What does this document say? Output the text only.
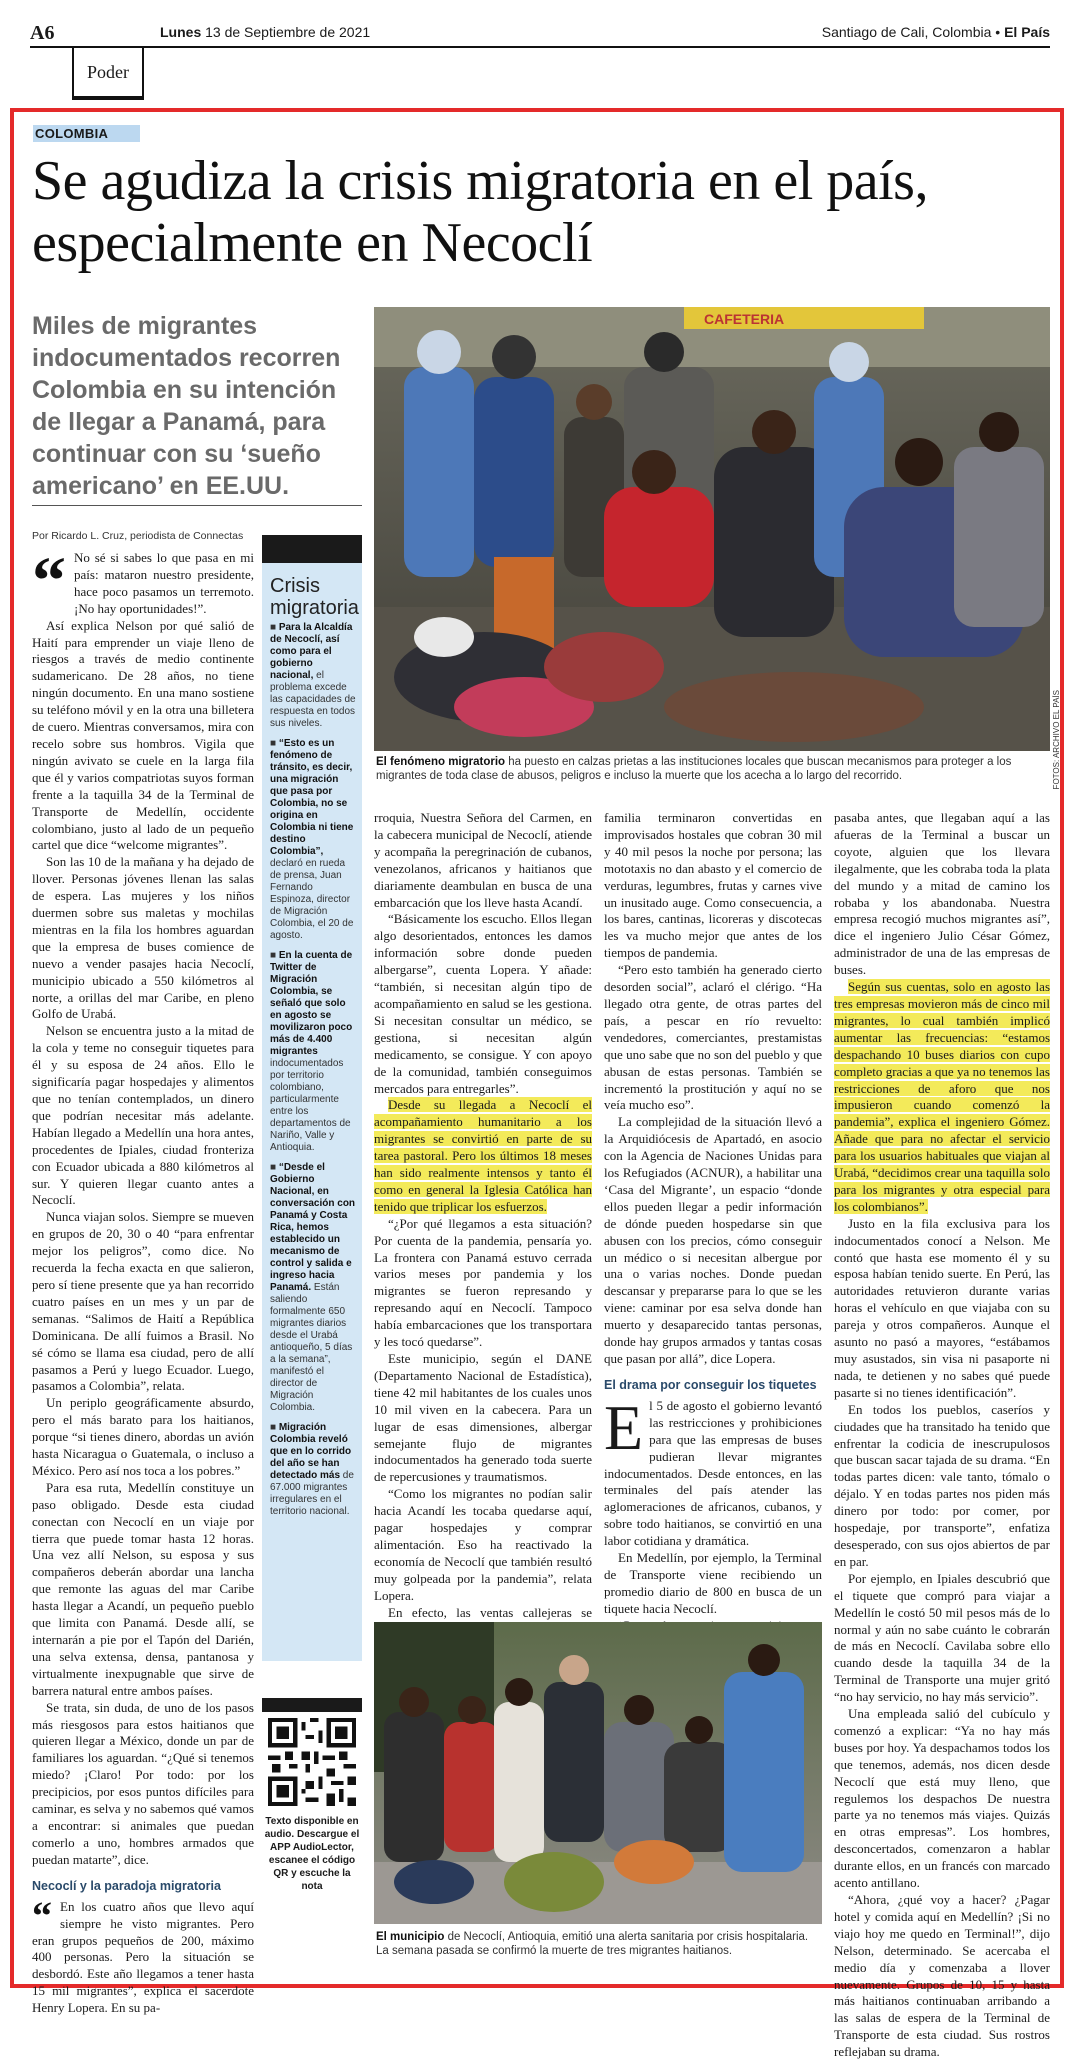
A6	Lunes 13 de Septiembre de 2021	Santiago de Cali, Colombia • El País
Poder
COLOMBIA
Se agudiza la crisis migratoria en el país, especialmente en Necoclí
Miles de migrantes indocumentados recorren Colombia en su intención de llegar a Panamá, para continuar con su ‘sueño americano’ en EE.UU.
Por Ricardo L. Cruz, periodista de Connectas

“ No sé si sabes lo que pasa en mi país: mataron nuestro presidente, hace poco pasamos un terremoto. ¡No hay oportunidades!”.

Así explica Nelson por qué salió de Haití para emprender un viaje lleno de riesgos a través de medio continente sudamericano. De 28 años, no tiene ningún documento. En una mano sostiene su teléfono móvil y en la otra una billetera de cuero. Mientras conversamos, mira con recelo sobre sus hombros. Vigila que ningún avivato se cuele en la larga fila que él y varios compatriotas suyos forman frente a la taquilla 34 de la Terminal de Transporte de Medellín, occidente colombiano, justo al lado de un pequeño cartel que dice “welcome migrantes”.

Son las 10 de la mañana y ha dejado de llover. Personas jóvenes llenan las salas de espera. Las mujeres y los niños duermen sobre sus maletas y mochilas mientras en la fila los hombres aguardan que la empresa de buses comience de nuevo a vender pasajes hacia Necoclí, municipio ubicado a 550 kilómetros al norte, a orillas del mar Caribe, en pleno Golfo de Urabá.

Nelson se encuentra justo a la mitad de la cola y teme no conseguir tiquetes para él y su esposa de 24 años. Ello le significaría pagar hospedajes y alimentos que no tenían contemplados, un dinero que podrían necesitar más adelante. Habían llegado a Medellín una hora antes, procedentes de Ipiales, ciudad fronteriza con Ecuador ubicada a 880 kilómetros al sur. Y quieren llegar cuanto antes a Necoclí.

Nunca viajan solos. Siempre se mueven en grupos de 20, 30 o 40 “para enfrentar mejor los peligros”, como dice. No recuerda la fecha exacta en que salieron, pero sí tiene presente que ya han recorrido cuatro países en un mes y un par de semanas. “Salimos de Haití a República Dominicana. De allí fuimos a Brasil. No sé cómo se llama esa ciudad, pero de allí pasamos a Perú y luego Ecuador. Luego, pasamos a Colombia”, relata.

Un periplo geográficamente absurdo, pero el más barato para los haitianos, porque “si tienes dinero, abordas un avión hasta Nicaragua o Guatemala, o incluso a México. Pero así nos toca a los pobres.”

Para esa ruta, Medellín constituye un paso obligado. Desde esta ciudad conectan con Necoclí en un viaje por tierra que puede tomar hasta 12 horas. Una vez allí Nelson, su esposa y sus compañeros deberán abordar una lancha que remonte las aguas del mar Caribe hasta llegar a Acandí, un pequeño pueblo que limita con Panamá. Desde allí, se internarán a pie por el Tapón del Darién, una selva extensa, densa, pantanosa y virtualmente inexpugnable que sirve de barrera natural entre ambos países.

Se trata, sin duda, de uno de los pasos más riesgosos para estos haitianos que quieren llegar a México, donde un par de familiares los aguardan. “¿Qué si tenemos miedo? ¡Claro! Por todo: por los precipicios, por esos puntos difíciles para caminar, es selva y no sabemos qué vamos a encontrar: si animales que puedan comerlo a uno, hombres armados que puedan matarte”, dice.

Necoclí y la paradoja migratoria

“ En los cuatro años que llevo aquí siempre he visto migrantes. Pero eran grupos pequeños de 200, máximo 400 personas. Pero la situación se desbordó. Este año llegamos a tener hasta 15 mil migrantes”, explica el sacerdote Henry Lopera. En su pa-

Crisis migratoria
■ Para la Alcaldía de Necoclí, así como para el gobierno nacional, el problema excede las capacidades de respuesta en todos sus niveles.
■ “Esto es un fenómeno de tránsito, es decir, una migración que pasa por Colombia, no se origina en Colombia ni tiene destino Colombia”, declaró en rueda de prensa, Juan Fernando Espinoza, director de Migración Colombia, el 20 de agosto.
■ En la cuenta de Twitter de Migración Colombia, se señaló que solo en agosto se movilizaron poco más de 4.400 migrantes indocumentados por territorio colombiano, particularmente entre los departamentos de Nariño, Valle y Antioquia.
■ “Desde el Gobierno Nacional, en conversación con Panamá y Costa Rica, hemos establecido un mecanismo de control y salida e ingreso hacia Panamá. Están saliendo formalmente 650 migrantes diarios desde el Urabá antioqueño, 5 días a la semana”, manifestó el director de Migración Colombia.
■ Migración Colombia reveló que en lo corrido del año se han detectado más de 67.000 migrantes irregulares en el territorio nacional.
Texto disponible en audio. Descargue el APP AudioLector, escanee el código QR y escuche la nota
CAFETERIA
FOTOS: ARCHIVO EL PAÍS
El fenómeno migratorio ha puesto en calzas prietas a las instituciones locales que buscan mecanismos para proteger a los migrantes de toda clase de abusos, peligros e incluso la muerte que los acecha a lo largo del recorrido.

rroquia, Nuestra Señora del Carmen, en la cabecera municipal de Necoclí, atiende y acompaña la peregrinación de cubanos, venezolanos, africanos y haitianos que diariamente deambulan en busca de una embarcación que los lleve hasta Acandí.

“Básicamente los escucho. Ellos llegan algo desorientados, entonces les damos información sobre donde pueden albergarse”, cuenta Lopera. Y añade: “también, si necesitan algún tipo de acompañamiento en salud se les gestiona. Si necesitan consultar un médico, se gestiona, si necesitan algún medicamento, se consigue. Y con apoyo de la comunidad, también conseguimos mercados para entregarles”.

Desde su llegada a Necoclí el acompañamiento humanitario a los migrantes se convirtió en parte de su tarea pastoral. Pero los últimos 18 meses han sido realmente intensos y tanto él como en general la Iglesia Católica han tenido que triplicar los esfuerzos.

“¿Por qué llegamos a esta situación? Por cuenta de la pandemia, pensaría yo. La frontera con Panamá estuvo cerrada varios meses por pandemia y los migrantes se fueron represando y represando aquí en Necoclí. Tampoco había embarcaciones que los transportara y les tocó quedarse”.

Este municipio, según el DANE (Departamento Nacional de Estadística), tiene 42 mil habitantes de los cuales unos 10 mil viven en la cabecera. Para un lugar de esas dimensiones, albergar semejante flujo de migrantes indocumentados ha generado toda suerte de repercusiones y traumatismos.

“Como los migrantes no podían salir hacia Acandí les tocaba quedarse aquí, pagar hospedajes y comprar alimentación. Eso ha reactivado la economía de Necoclí que también resultó muy golpeada por la pandemia”, relata Lopera.

En efecto, las ventas callejeras se

familia terminaron convertidas en improvisados hostales que cobran 30 mil y 40 mil pesos la noche por persona; las mototaxis no dan abasto y el comercio de verduras, legumbres, frutas y carnes vive un inusitado auge. Como consecuencia, a los bares, cantinas, licoreras y discotecas les va mucho mejor que antes de los tiempos de pandemia.

“Pero esto también ha generado cierto desorden social”, aclaró el clérigo. “Ha llegado otra gente, de otras partes del país, a pescar en río revuelto: vendedores, comerciantes, prestamistas que uno sabe que no son del pueblo y que abusan de estas personas. También se incrementó la prostitución y aquí no se veía mucho eso”.

La complejidad de la situación llevó a la Arquidiócesis de Apartadó, en asocio con la Agencia de Naciones Unidas para los Refugiados (ACNUR), a habilitar una ‘Casa del Migrante’, un espacio “donde ellos pueden llegar a pedir información de dónde pueden hospedarse sin que abusen con los precios, cómo conseguir un médico o si necesitan albergue por una o varias noches. Donde puedan descansar y prepararse para lo que se les viene: caminar por esa selva donde han muerto y desaparecido tantas personas, donde hay grupos armados y tantas cosas que pasan por allá”, dice Lopera.

El drama por conseguir los tiquetes

El 5 de agosto el gobierno levantó las restricciones y prohibiciones para que las empresas de buses pudieran llevar migrantes indocumentados. Desde entonces, en las terminales del país atender las aglomeraciones de africanos, cubanos, y sobre todo haitianos, se convirtió en una labor cotidiana y dramática.

En Medellín, por ejemplo, la Terminal de Transporte viene recibiendo un promedio diario de 800 en busca de un tiquete hacia Necoclí.

pasaba antes, que llegaban aquí a las afueras de la Terminal a buscar un coyote, alguien que los llevara ilegalmente, que les cobraba toda la plata del mundo y a mitad de camino los robaba y los abandonaba. Nuestra empresa recogió muchos migrantes así”, dice el ingeniero Julio César Gómez, administrador de una de las empresas de buses.

Según sus cuentas, solo en agosto las tres empresas movieron más de cinco mil migrantes, lo cual también implicó aumentar las frecuencias: “estamos despachando 10 buses diarios con cupo completo gracias a que ya no tenemos las restricciones de aforo que nos impusieron cuando comenzó la pandemia”, explica el ingeniero Gómez. Añade que para no afectar el servicio para los usuarios habituales que viajan al Urabá, “decidimos crear una taquilla solo para los migrantes y otra especial para los colombianos”.

Justo en la fila exclusiva para los indocumentados conocí a Nelson. Me contó que hasta ese momento él y su esposa habían tenido suerte. En Perú, las autoridades retuvieron durante varias horas el vehículo en que viajaba con su pareja y otros compañeros. Aunque el asunto no pasó a mayores, “estábamos muy asustados, sin visa ni pasaporte ni nada, te detienen y no sabes qué puede pasarte si no tienes identificación”.

En todos los pueblos, caseríos y ciudades que ha transitado ha tenido que enfrentar la codicia de inescrupulosos que buscan sacar tajada de su drama. “En todas partes dicen: vale tanto, tómalo o déjalo. Y en todas partes nos piden más dinero por todo: por comer, por hospedaje, por transporte”, enfatiza desesperado, con sus ojos abiertos de par en par.

Por ejemplo, en Ipiales descubrió que el tiquete que compró para viajar a Medellín le costó 50 mil pesos más de lo normal y aún no sabe cuánto le cobrarán de más en Necoclí. Cavilaba sobre ello cuando desde la taquilla 34 de la Terminal de Transporte una mujer gritó “no hay servicio, no hay más servicio”.

Una empleada salió del cubículo y comenzó a explicar: “Ya no hay más buses por hoy. Ya despachamos todos los que tenemos, además, nos dicen desde Necoclí que está muy lleno, que regulemos los despachos De nuestra parte ya no tenemos más viajes. Quizás en otras empresas”. Los hombres, desconcertados, comenzaron a hablar durante ellos, en un francés con marcado acento antillano.

“Ahora, ¿qué voy a hacer? ¿Pagar hotel y comida aquí en Medellín? ¡Si no viajo hoy me quedo en Terminal!”, dijo Nelson, determinado. Se acercaba el medio día y comenzaba a llover nuevamente. Grupos de 10, 15 y hasta más haitianos continuaban arribando a las salas de espera de la Terminal de Transporte de esta ciudad. Sus rostros reflejaban su drama.

El municipio de Necoclí, Antioquia, emitió una alerta sanitaria por crisis hospitalaria. La semana pasada se confirmó la muerte de tres migrantes haitianos.
